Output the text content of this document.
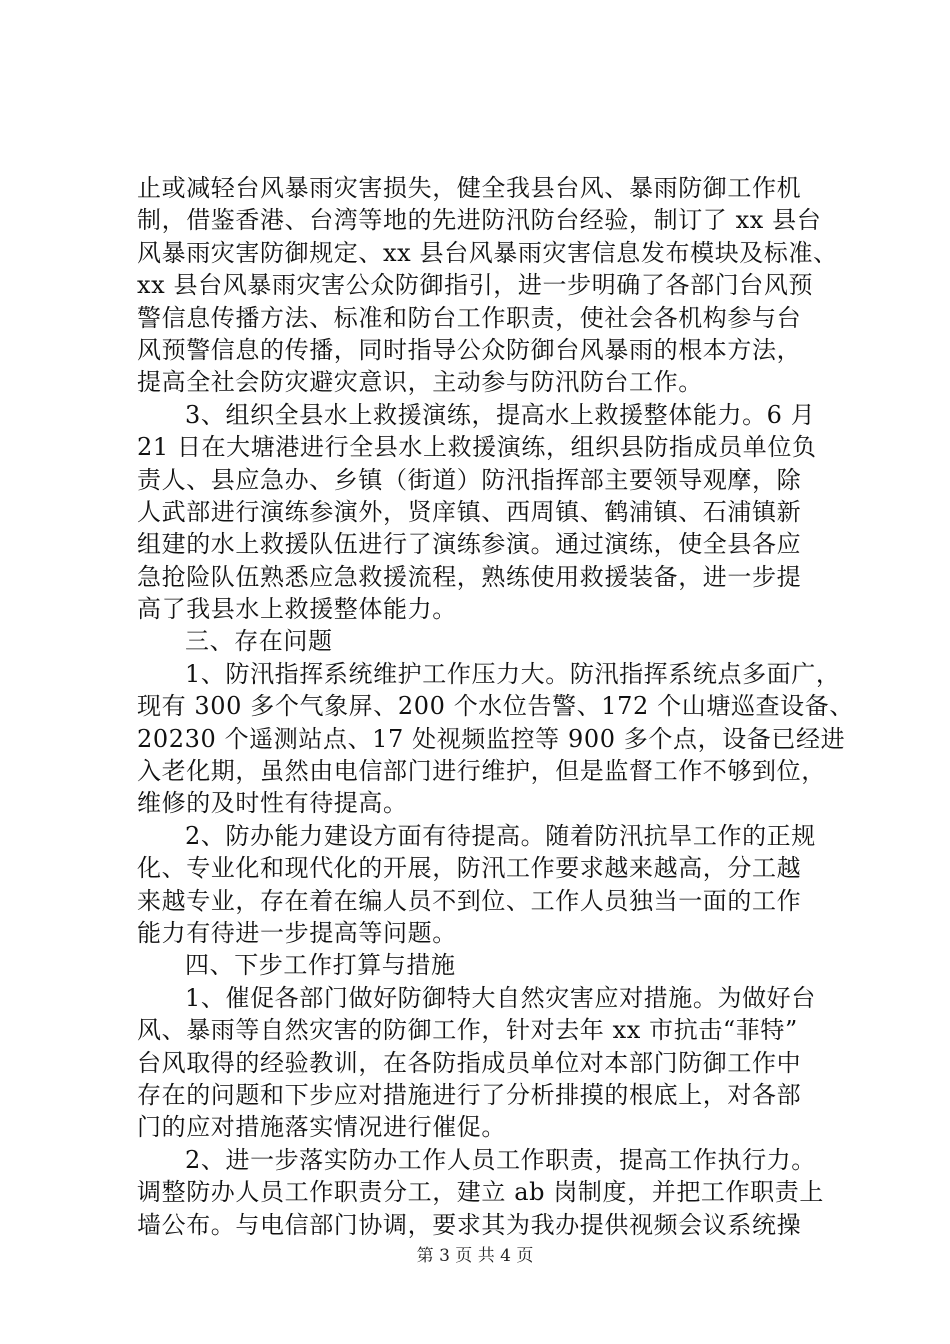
止或减轻台风暴雨灾害损失，健全我县台风、暴雨防御工作机
制，借鉴香港、台湾等地的先进防汛防台经验，制订了 xx 县台
风暴雨灾害防御规定、xx 县台风暴雨灾害信息发布模块及标准、
xx 县台风暴雨灾害公众防御指引，进一步明确了各部门台风预
警信息传播方法、标准和防台工作职责，使社会各机构参与台
风预警信息的传播，同时指导公众防御台风暴雨的根本方法，
提高全社会防灾避灾意识，主动参与防汛防台工作。
3、组织全县水上救援演练，提高水上救援整体能力。6 月
21 日在大塘港进行全县水上救援演练，组织县防指成员单位负
责人、县应急办、乡镇（街道）防汛指挥部主要领导观摩，除
人武部进行演练参演外，贤庠镇、西周镇、鹤浦镇、石浦镇新
组建的水上救援队伍进行了演练参演。通过演练，使全县各应
急抢险队伍熟悉应急救援流程，熟练使用救援装备，进一步提
高了我县水上救援整体能力。
三、存在问题
1、防汛指挥系统维护工作压力大。防汛指挥系统点多面广，
现有 300 多个气象屏、200 个水位告警、172 个山塘巡查设备、
20230 个遥测站点、17 处视频监控等 900 多个点，设备已经进
入老化期，虽然由电信部门进行维护，但是监督工作不够到位，
维修的及时性有待提高。
2、防办能力建设方面有待提高。随着防汛抗旱工作的正规
化、专业化和现代化的开展，防汛工作要求越来越高，分工越
来越专业，存在着在编人员不到位、工作人员独当一面的工作
能力有待进一步提高等问题。
四、下步工作打算与措施
1、催促各部门做好防御特大自然灾害应对措施。为做好台
风、暴雨等自然灾害的防御工作，针对去年 xx 市抗击“菲特”
台风取得的经验教训，在各防指成员单位对本部门防御工作中
存在的问题和下步应对措施进行了分析排摸的根底上，对各部
门的应对措施落实情况进行催促。
2、进一步落实防办工作人员工作职责，提高工作执行力。
调整防办人员工作职责分工，建立 ab 岗制度，并把工作职责上
墙公布。与电信部门协调，要求其为我办提供视频会议系统操
第 3 页 共 4 页
